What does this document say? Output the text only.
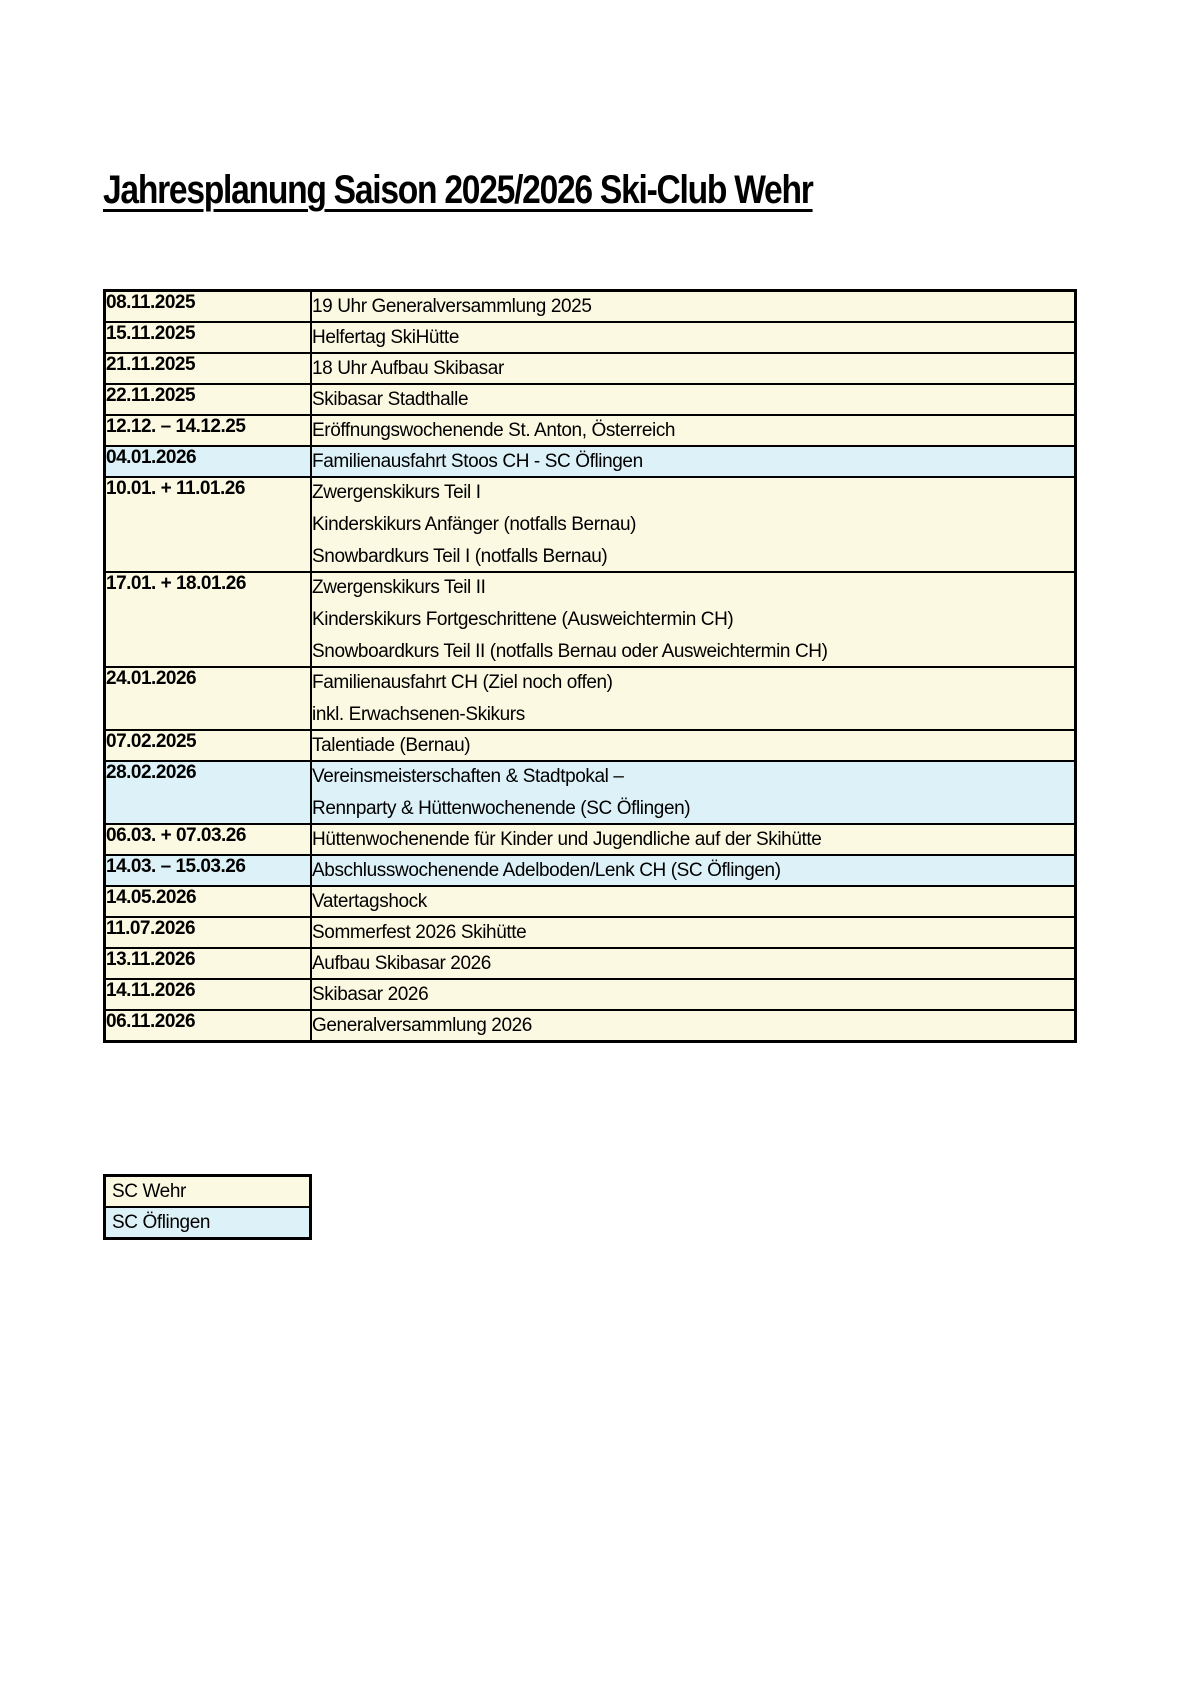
Jahresplanung Saison 2025/2026 Ski-Club Wehr
08.11.2025	19 Uhr Generalversammlung 2025

15.11.2025	Helfertag SkiHütte

21.11.2025	18 Uhr Aufbau Skibasar

22.11.2025	Skibasar Stadthalle

12.12. – 14.12.25	Eröffnungswochenende St. Anton, Österreich

04.01.2026	Familienausfahrt Stoos CH - SC Öflingen

10.01. + 11.01.26	Zwergenskikurs Teil I
Kinderskikurs Anfänger (notfalls Bernau)
Snowbardkurs Teil I (notfalls Bernau)

17.01. + 18.01.26	Zwergenskikurs Teil II
Kinderskikurs Fortgeschrittene (Ausweichtermin CH)
Snowboardkurs Teil II (notfalls Bernau oder Ausweichtermin CH)

24.01.2026	Familienausfahrt CH (Ziel noch offen)
inkl. Erwachsenen-Skikurs

07.02.2025	Talentiade (Bernau)

28.02.2026	Vereinsmeisterschaften & Stadtpokal –
Rennparty & Hüttenwochenende (SC Öflingen)

06.03. + 07.03.26	Hüttenwochenende für Kinder und Jugendliche auf der Skihütte

14.03. – 15.03.26	Abschlusswochenende Adelboden/Lenk CH (SC Öflingen)

14.05.2026	Vatertagshock

11.07.2026	Sommerfest 2026 Skihütte

13.11.2026	Aufbau Skibasar 2026

14.11.2026	Skibasar 2026

06.11.2026	Generalversammlung 2026
SC Wehr
SC Öflingen
